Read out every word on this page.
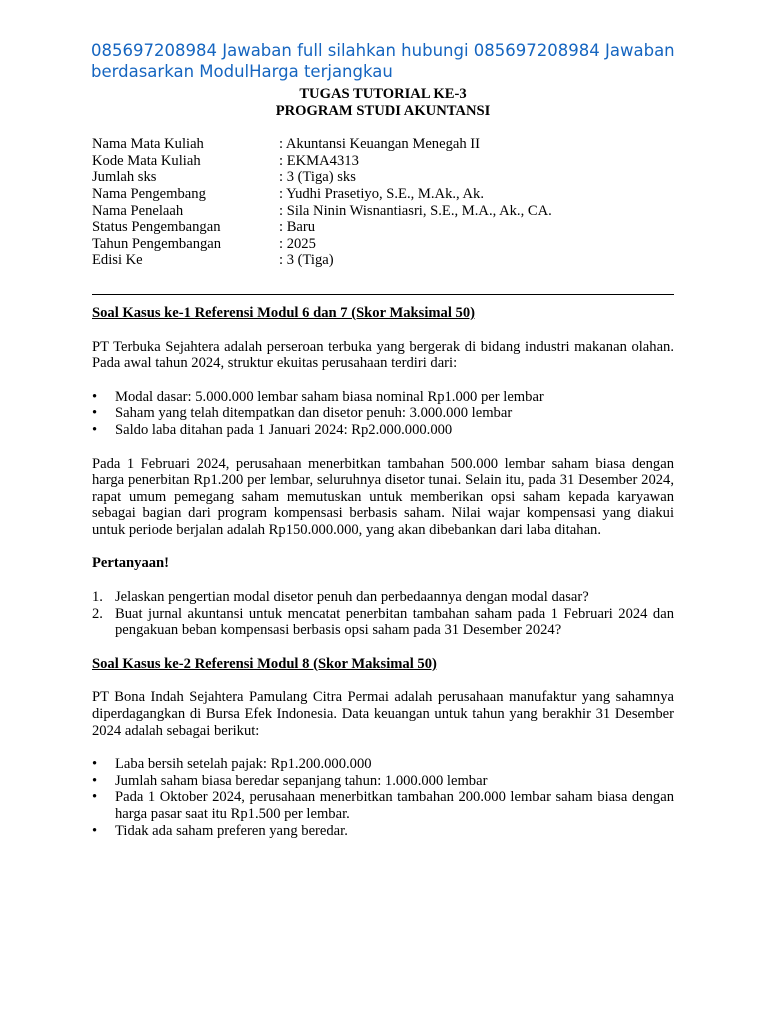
085697208984 Jawaban full silahkan hubungi 085697208984 Jawaban berdasarkan ModulHarga terjangkau
TUGAS TUTORIAL KE-3
PROGRAM STUDI AKUNTANSI
Nama Mata Kuliah	: Akuntansi Keuangan Menegah II
Kode Mata Kuliah	: EKMA4313
Jumlah sks	: 3 (Tiga) sks
Nama Pengembang	: Yudhi Prasetiyo, S.E., M.Ak., Ak.
Nama Penelaah	: Sila Ninin Wisnantiasri, S.E., M.A., Ak., CA.
Status Pengembangan	: Baru
Tahun Pengembangan	: 2025
Edisi Ke	: 3 (Tiga)
Soal Kasus ke-1 Referensi Modul 6 dan 7 (Skor Maksimal 50)

PT Terbuka Sejahtera adalah perseroan terbuka yang bergerak di bidang industri makanan olahan. Pada awal tahun 2024, struktur ekuitas perusahaan terdiri dari:

• Modal dasar: 5.000.000 lembar saham biasa nominal Rp1.000 per lembar
• Saham yang telah ditempatkan dan disetor penuh: 3.000.000 lembar
• Saldo laba ditahan pada 1 Januari 2024: Rp2.000.000.000

Pada 1 Februari 2024, perusahaan menerbitkan tambahan 500.000 lembar saham biasa dengan harga penerbitan Rp1.200 per lembar, seluruhnya disetor tunai. Selain itu, pada 31 Desember 2024, rapat umum pemegang saham memutuskan untuk memberikan opsi saham kepada karyawan sebagai bagian dari program kompensasi berbasis saham. Nilai wajar kompensasi yang diakui untuk periode berjalan adalah Rp150.000.000, yang akan dibebankan dari laba ditahan.

Pertanyaan!

1. Jelaskan pengertian modal disetor penuh dan perbedaannya dengan modal dasar?
2. Buat jurnal akuntansi untuk mencatat penerbitan tambahan saham pada 1 Februari 2024 dan pengakuan beban kompensasi berbasis opsi saham pada 31 Desember 2024?
Soal Kasus ke-2 Referensi Modul 8 (Skor Maksimal 50)

PT Bona Indah Sejahtera Pamulang Citra Permai adalah perusahaan manufaktur yang sahamnya diperdagangkan di Bursa Efek Indonesia. Data keuangan untuk tahun yang berakhir 31 Desember 2024 adalah sebagai berikut:

• Laba bersih setelah pajak: Rp1.200.000.000
• Jumlah saham biasa beredar sepanjang tahun: 1.000.000 lembar
• Pada 1 Oktober 2024, perusahaan menerbitkan tambahan 200.000 lembar saham biasa dengan harga pasar saat itu Rp1.500 per lembar.
• Tidak ada saham preferen yang beredar.
